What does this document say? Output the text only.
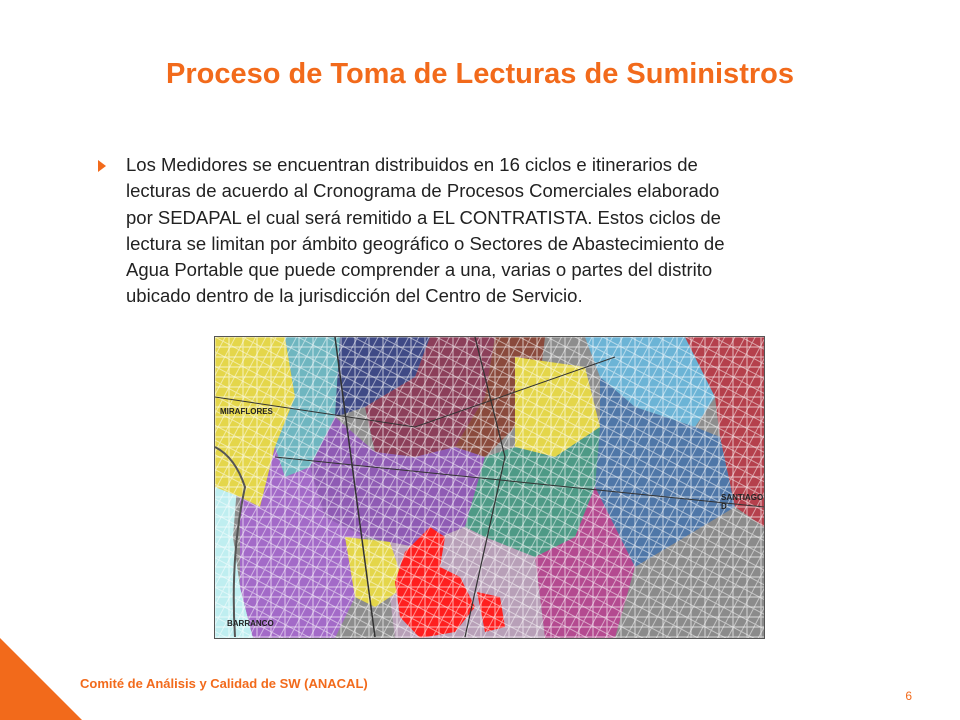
Proceso de Toma de Lecturas de Suministros
Los Medidores se encuentran distribuidos en 16 ciclos e itinerarios de
lecturas de acuerdo al Cronograma de Procesos Comerciales elaborado
por SEDAPAL el cual será remitido a EL CONTRATISTA. Estos ciclos de
lectura se limitan por ámbito geográfico o Sectores de Abastecimiento de
Agua Portable que puede comprender a una, varias o partes del distrito
ubicado dentro de la jurisdicción del Centro de Servicio.
MIRAFLORES
SANTIAGO D
BARRANCO
Comité de Análisis y Calidad de SW (ANACAL)
6
